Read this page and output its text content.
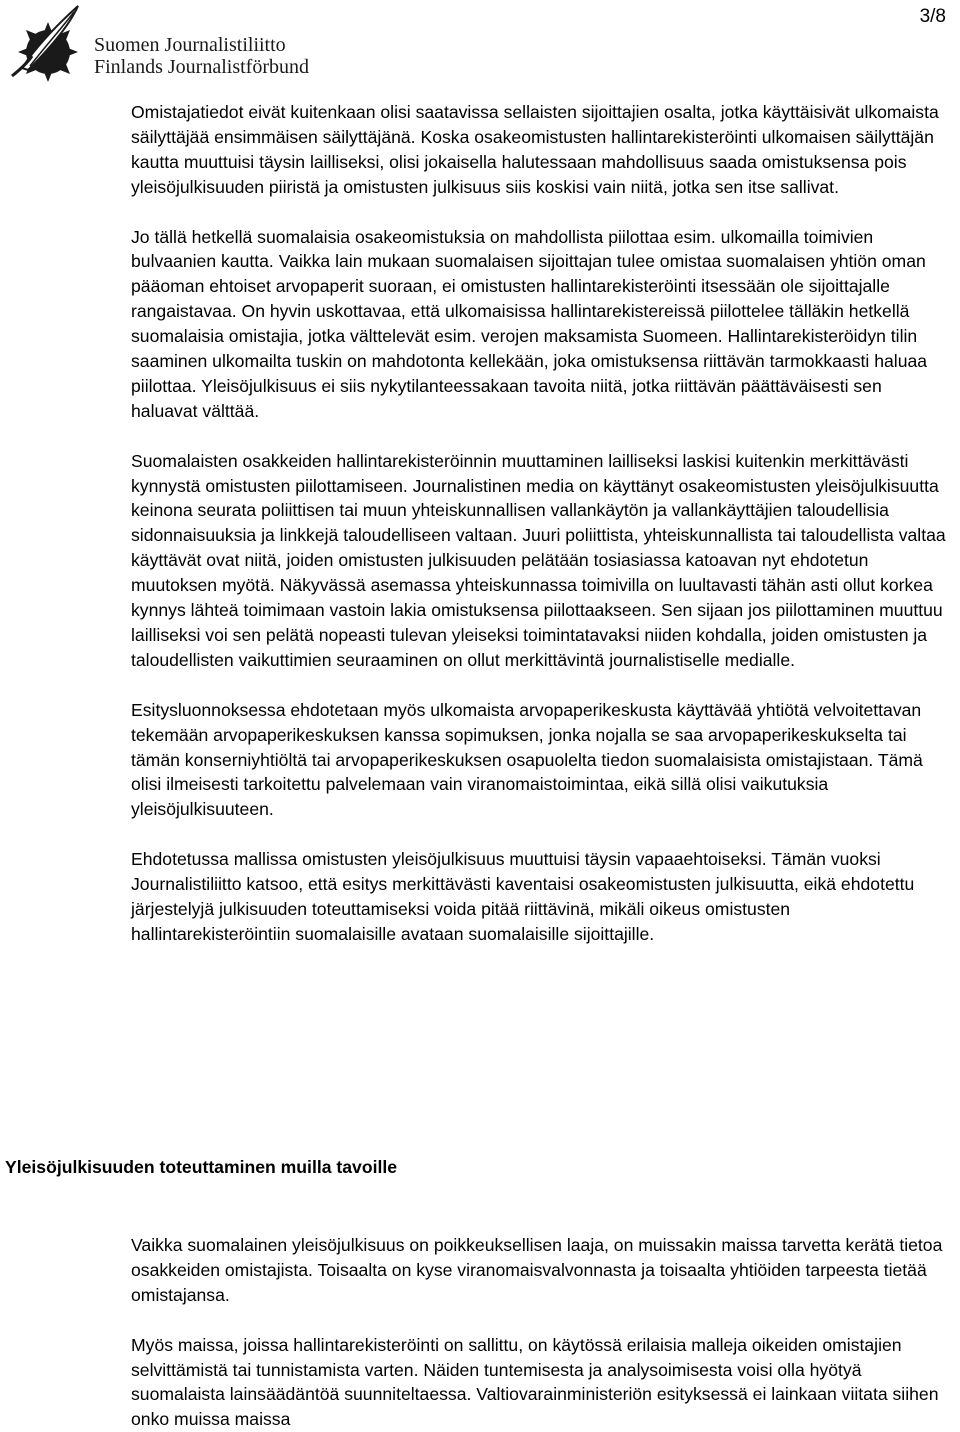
3/8
Suomen Journalistiliitto
Finlands Journalistförbund

Omistajatiedot eivät kuitenkaan olisi saatavissa sellaisten sijoittajien osalta, jotka käyttäisivät ulkomaista säilyttäjää ensimmäisen säilyttäjänä. Koska osakeomistusten hallintarekisteröinti ulkomaisen säilyttäjän kautta muuttuisi täysin lailliseksi, olisi jokaisella halutessaan mahdollisuus saada omistuksensa pois yleisöjulkisuuden piiristä ja omistusten julkisuus siis koskisi vain niitä, jotka sen itse sallivat.

Jo tällä hetkellä suomalaisia osakeomistuksia on mahdollista piilottaa esim. ulkomailla toimivien bulvaanien kautta. Vaikka lain mukaan suomalaisen sijoittajan tulee omistaa suomalaisen yhtiön oman pääoman ehtoiset arvopaperit suoraan, ei omistusten hallintarekisteröinti itsessään ole sijoittajalle rangaistavaa. On hyvin uskottavaa, että ulkomaisissa hallintarekistereissä piilottelee tälläkin hetkellä suomalaisia omistajia, jotka välttelevät esim. verojen maksamista Suomeen. Hallintarekisteröidyn tilin saaminen ulkomailta tuskin on mahdotonta kellekään, joka omistuksensa riittävän tarmokkaasti haluaa piilottaa. Yleisöjulkisuus ei siis nykytilanteessakaan tavoita niitä, jotka riittävän päättäväisesti sen haluavat välttää.

Suomalaisten osakkeiden hallintarekisteröinnin muuttaminen lailliseksi laskisi kuitenkin merkittävästi kynnystä omistusten piilottamiseen. Journalistinen media on käyttänyt osakeomistusten yleisöjulkisuutta keinona seurata poliittisen tai muun yhteiskunnallisen vallankäytön ja vallankäyttäjien taloudellisia sidonnaisuuksia ja linkkejä taloudelliseen valtaan. Juuri poliittista, yhteiskunnallista tai taloudellista valtaa käyttävät ovat niitä, joiden omistusten julkisuuden pelätään tosiasiassa katoavan nyt ehdotetun muutoksen myötä. Näkyvässä asemassa yhteiskunnassa toimivilla on luultavasti tähän asti ollut korkea kynnys lähteä toimimaan vastoin lakia omistuksensa piilottaakseen. Sen sijaan jos piilottaminen muuttuu lailliseksi voi sen pelätä nopeasti tulevan yleiseksi toimintatavaksi niiden kohdalla, joiden omistusten ja taloudellisten vaikuttimien seuraaminen on ollut merkittävintä journalistiselle medialle.

Esitysluonnoksessa ehdotetaan myös ulkomaista arvopaperikeskusta käyttävää yhtiötä velvoitettavan tekemään arvopaperikeskuksen kanssa sopimuksen, jonka nojalla se saa arvopaperikeskukselta tai tämän konserniyhtiöltä tai arvopaperikeskuksen osapuolelta tiedon suomalaisista omistajistaan. Tämä olisi ilmeisesti tarkoitettu palvelemaan vain viranomaistoimintaa, eikä sillä olisi vaikutuksia yleisöjulkisuuteen.

Ehdotetussa mallissa omistusten yleisöjulkisuus muuttuisi täysin vapaaehtoiseksi. Tämän vuoksi Journalistiliitto katsoo, että esitys merkittävästi kaventaisi osakeomistusten julkisuutta, eikä ehdotettu järjestelyjä julkisuuden toteuttamiseksi voida pitää riittävinä, mikäli oikeus omistusten hallintarekisteröintiin suomalaisille avataan suomalaisille sijoittajille.

Yleisöjulkisuuden toteuttaminen muilla tavoille

Vaikka suomalainen yleisöjulkisuus on poikkeuksellisen laaja, on muissakin maissa tarvetta kerätä tietoa osakkeiden omistajista. Toisaalta on kyse viranomaisvalvonnasta ja toisaalta yhtiöiden tarpeesta tietää omistajansa.

Myös maissa, joissa hallintarekisteröinti on sallittu, on käytössä erilaisia malleja oikeiden omistajien selvittämistä tai tunnistamista varten. Näiden tuntemisesta ja analysoimisesta voisi olla hyötyä suomalaista lainsäädäntöä suunniteltaessa. Valtiovarainministeriön esityksessä ei lainkaan viitata siihen onko muissa maissa
